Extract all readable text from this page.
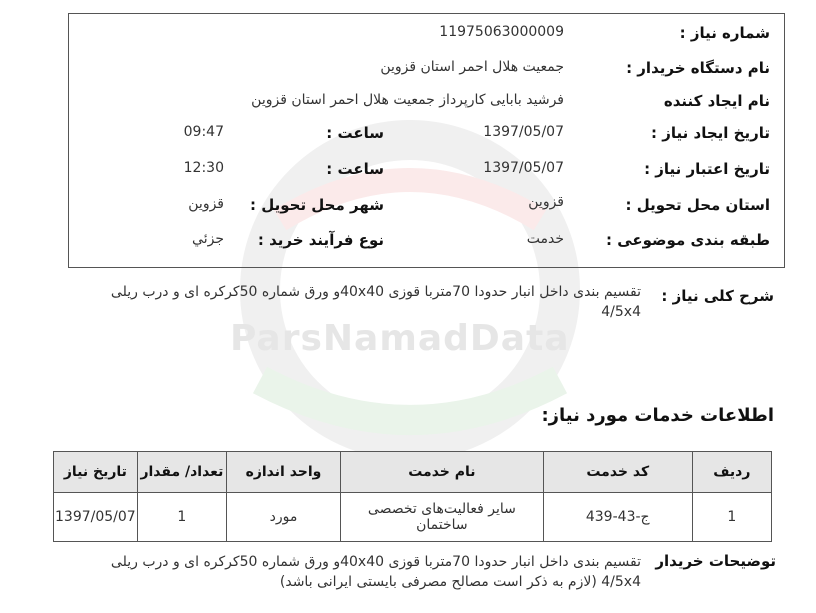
ParsNamadData
شماره نیاز :
11975063000009
نام دستگاه خریدار :
جمعیت هلال احمر استان قزوین
نام ایجاد کننده
فرشید بابایی کارپرداز جمعیت هلال احمر استان قزوین
تاریخ ایجاد نیاز :
1397/05/07
ساعت :
09:47
تاریخ اعتبار نیاز :
1397/05/07
ساعت :
12:30
استان محل تحویل :
قزوین
شهر محل تحویل :
قزوین
طبقه بندی موضوعی :
خدمت
نوع فرآیند خرید :
جزئي
شرح کلی نیاز :
تقسیم بندی داخل انبار حدودا 70متربا قوزی 40x40و ورق شماره 50کرکره ای و درب ریلی 4/5x4
اطلاعات خدمات مورد نیاز:
ردیف	کد خدمت	نام خدمت	واحد اندازه	تعداد/ مقدار	تاریخ نیاز
1	ج-43-439	سایر فعالیت‌های تخصصی ساختمان	مورد	1	1397/05/07
توضیحات خریدار
تقسیم بندی داخل انبار حدودا 70متربا قوزی 40x40و ورق شماره 50کرکره ای و درب ریلی 4/5x4 (لازم به ذکر است مصالح مصرفی بایستی ایرانی باشد)
